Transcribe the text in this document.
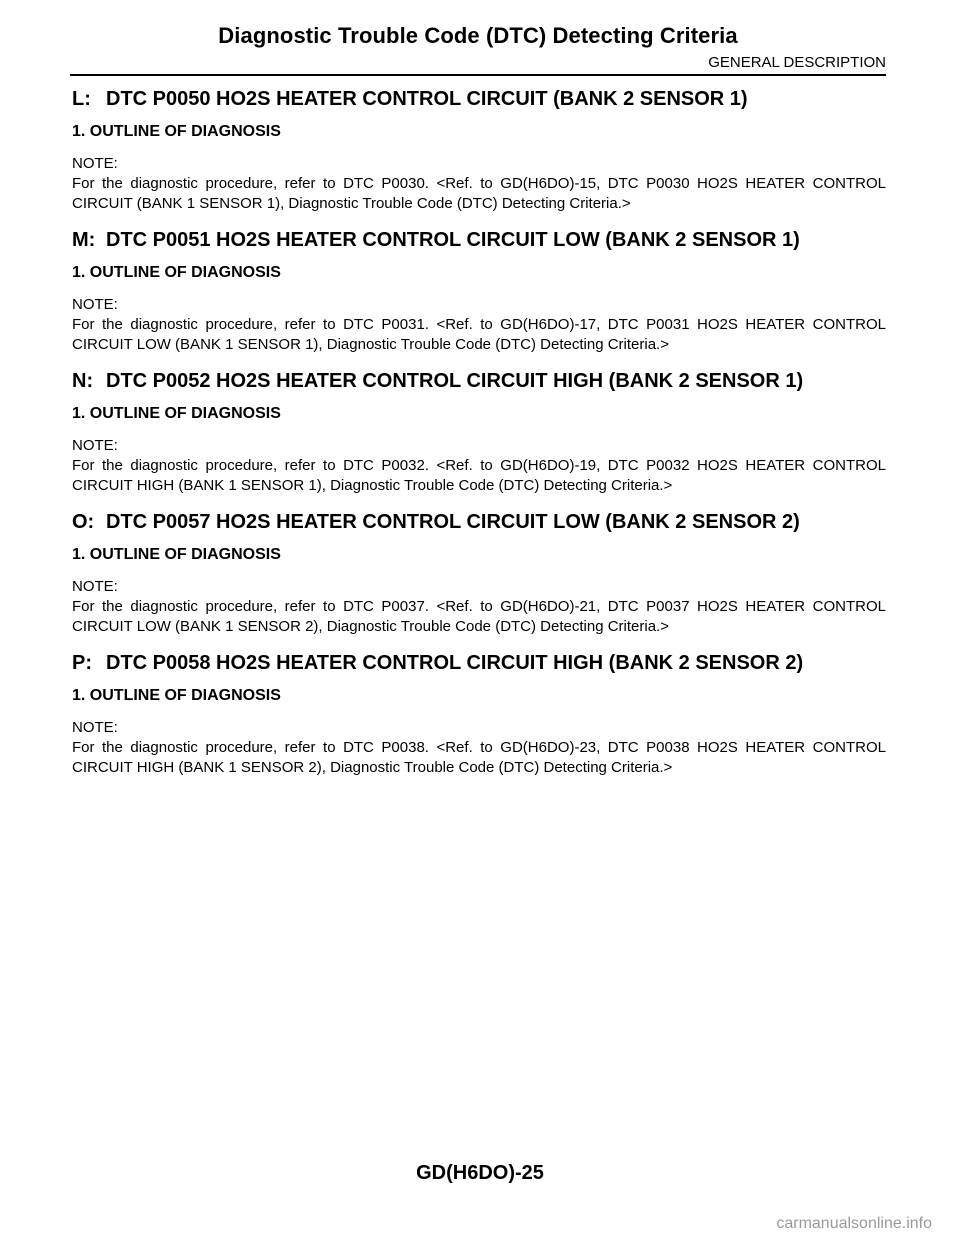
Diagnostic Trouble Code (DTC) Detecting Criteria
GENERAL DESCRIPTION
L: DTC P0050 HO2S HEATER CONTROL CIRCUIT (BANK 2 SENSOR 1)
1. OUTLINE OF DIAGNOSIS

NOTE:

For the diagnostic procedure, refer to DTC P0030. <Ref. to GD(H6DO)-15, DTC P0030 HO2S HEATER CONTROL CIRCUIT (BANK 1 SENSOR 1), Diagnostic Trouble Code (DTC) Detecting Criteria.>

M: DTC P0051 HO2S HEATER CONTROL CIRCUIT LOW (BANK 2 SENSOR 1)
1. OUTLINE OF DIAGNOSIS

NOTE:

For the diagnostic procedure, refer to DTC P0031. <Ref. to GD(H6DO)-17, DTC P0031 HO2S HEATER CONTROL CIRCUIT LOW (BANK 1 SENSOR 1), Diagnostic Trouble Code (DTC) Detecting Criteria.>

N: DTC P0052 HO2S HEATER CONTROL CIRCUIT HIGH (BANK 2 SENSOR 1)
1. OUTLINE OF DIAGNOSIS

NOTE:

For the diagnostic procedure, refer to DTC P0032. <Ref. to GD(H6DO)-19, DTC P0032 HO2S HEATER CONTROL CIRCUIT HIGH (BANK 1 SENSOR 1), Diagnostic Trouble Code (DTC) Detecting Criteria.>

O: DTC P0057 HO2S HEATER CONTROL CIRCUIT LOW (BANK 2 SENSOR 2)
1. OUTLINE OF DIAGNOSIS

NOTE:

For the diagnostic procedure, refer to DTC P0037. <Ref. to GD(H6DO)-21, DTC P0037 HO2S HEATER CONTROL CIRCUIT LOW (BANK 1 SENSOR 2), Diagnostic Trouble Code (DTC) Detecting Criteria.>

P: DTC P0058 HO2S HEATER CONTROL CIRCUIT HIGH (BANK 2 SENSOR 2)
1. OUTLINE OF DIAGNOSIS

NOTE:

For the diagnostic procedure, refer to DTC P0038. <Ref. to GD(H6DO)-23, DTC P0038 HO2S HEATER CONTROL CIRCUIT HIGH (BANK 1 SENSOR 2), Diagnostic Trouble Code (DTC) Detecting Criteria.>

GD(H6DO)-25
carmanualsonline.info
